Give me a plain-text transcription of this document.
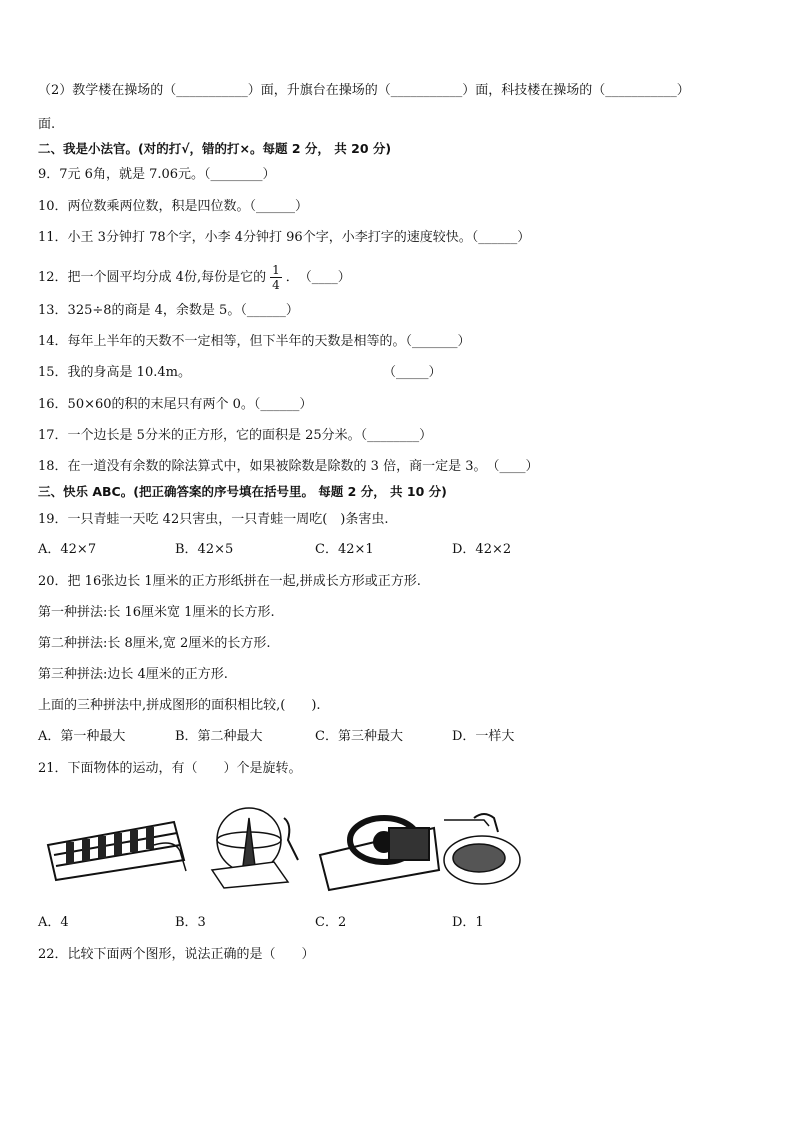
（2）教学楼在操场的（___________）面，升旗台在操场的（___________）面，科技楼在操场的（___________）
面.
二、我是小法官。(对的打√，错的打×。每题 2 分， 共 20 分)
9．7元 6角，就是 7.06元。（________）
10．两位数乘两位数，积是四位数。（______）
11．小王 3分钟打 78个字，小李 4分钟打 96个字，小李打字的速度较快。（______）
13．325÷8的商是 4，余数是 5。（______）
14．每年上半年的天数不一定相等，但下半年的天数是相等的。（_______）
16．50×60的积的末尾只有两个 0。（______）
17．一个边长是 5分米的正方形，它的面积是 25分米。（________）
18．在一道没有余数的除法算式中，如果被除数是除数的 3 倍，商一定是 3。　（____）
三、快乐 ABC。(把正确答案的序号填在括号里。 每题 2 分， 共 10 分)
19．一只青蛙一天吃 42只害虫，一只青蛙一周吃(　)条害虫.
20．把 16张边长 1厘米的正方形纸拼在一起,拼成长方形或正方形.
第一种拼法:长 16厘米宽 1厘米的长方形.
第二种拼法:长 8厘米,宽 2厘米的长方形.
第三种拼法:边长 4厘米的正方形.
上面的三种拼法中,拼成图形的面积相比较,(　　).
21．下面物体的运动，有（　　）个是旋转。
22．比较下面两个图形，说法正确的是（　　）
A．42×7	B．42×5	C．42×1	D．42×2
A．第一种最大	B．第二种最大	C．第三种最大	D．一样大
A．4	B．3	C．2	D．1
12．把一个圆平均分成 4份,每份是它的 $\frac{1}{4}$ ．　（____）
15．我的身高是 10.4m。	（_____）
